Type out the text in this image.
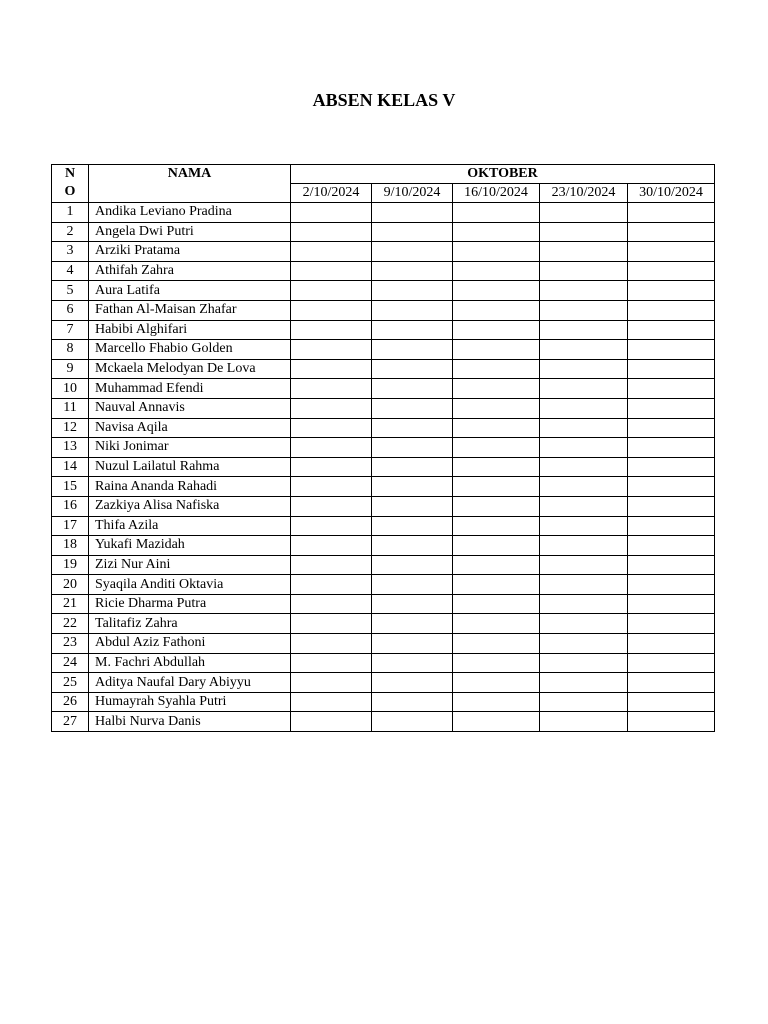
ABSEN KELAS V
N
O	NAMA	OKTOBER				
		2/10/2024	9/10/2024	16/10/2024	23/10/2024	30/10/2024
1	Andika Leviano Pradina					
2	Angela Dwi Putri					
3	Arziki Pratama					
4	Athifah Zahra					
5	Aura Latifa					
6	Fathan Al-Maisan Zhafar					
7	Habibi Alghifari					
8	Marcello Fhabio Golden					
9	Mckaela Melodyan De Lova					
10	Muhammad Efendi					
11	Nauval Annavis					
12	Navisa Aqila					
13	Niki Jonimar					
14	Nuzul Lailatul Rahma					
15	Raina Ananda Rahadi					
16	Zazkiya Alisa Nafiska					
17	Thifa Azila					
18	Yukafi Mazidah					
19	Zizi Nur Aini					
20	Syaqila Anditi Oktavia					
21	Ricie Dharma Putra					
22	Talitafiz Zahra					
23	Abdul Aziz Fathoni					
24	M. Fachri Abdullah					
25	Aditya Naufal Dary Abiyyu					
26	Humayrah Syahla Putri					
27	Halbi Nurva Danis					
